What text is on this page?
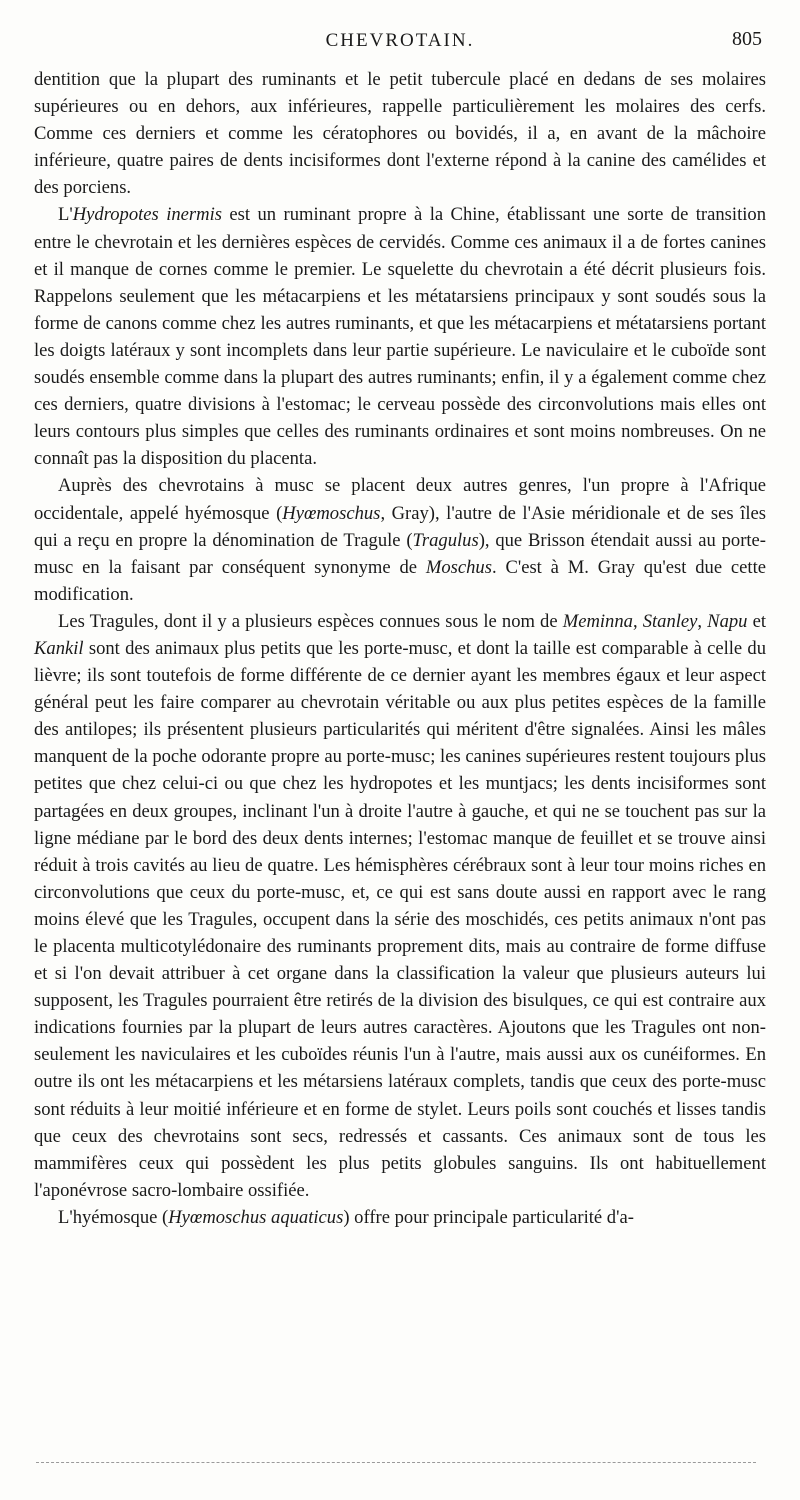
CHEVROTAIN.	805

dentition que la plupart des ruminants et le petit tubercule placé en dedans de ses molaires supérieures ou en dehors, aux inférieures, rappelle particulièrement les molaires des cerfs. Comme ces derniers et comme les cératophores ou bovidés, il a, en avant de la mâchoire inférieure, quatre paires de dents incisiformes dont l'externe répond à la canine des camélides et des porciens.

L'Hydropotes inermis est un ruminant propre à la Chine, établissant une sorte de transition entre le chevrotain et les dernières espèces de cervidés. Comme ces animaux il a de fortes canines et il manque de cornes comme le premier. Le squelette du chevrotain a été décrit plusieurs fois. Rappelons seulement que les métacarpiens et les métatarsiens principaux y sont soudés sous la forme de canons comme chez les autres ruminants, et que les métacarpiens et métatarsiens portant les doigts latéraux y sont incomplets dans leur partie supérieure. Le naviculaire et le cuboïde sont soudés ensemble comme dans la plupart des autres ruminants; enfin, il y a également comme chez ces derniers, quatre divisions à l'estomac; le cerveau possède des circonvolutions mais elles ont leurs contours plus simples que celles des ruminants ordinaires et sont moins nombreuses. On ne connaît pas la disposition du placenta.

Auprès des chevrotains à musc se placent deux autres genres, l'un propre à l'Afrique occidentale, appelé hyémosque (Hyœmoschus, Gray), l'autre de l'Asie méridionale et de ses îles qui a reçu en propre la dénomination de Tragule (Tragulus), que Brisson étendait aussi au porte-musc en la faisant par conséquent synonyme de Moschus. C'est à M. Gray qu'est due cette modification.

Les Tragules, dont il y a plusieurs espèces connues sous le nom de Meminna, Stanley, Napu et Kankil sont des animaux plus petits que les porte-musc, et dont la taille est comparable à celle du lièvre; ils sont toutefois de forme différente de ce dernier ayant les membres égaux et leur aspect général peut les faire comparer au chevrotain véritable ou aux plus petites espèces de la famille des antilopes; ils présentent plusieurs particularités qui méritent d'être signalées. Ainsi les mâles manquent de la poche odorante propre au porte-musc; les canines supérieures restent toujours plus petites que chez celui-ci ou que chez les hydropotes et les muntjacs; les dents incisiformes sont partagées en deux groupes, inclinant l'un à droite l'autre à gauche, et qui ne se touchent pas sur la ligne médiane par le bord des deux dents internes; l'estomac manque de feuillet et se trouve ainsi réduit à trois cavités au lieu de quatre. Les hémisphères cérébraux sont à leur tour moins riches en circonvolutions que ceux du porte-musc, et, ce qui est sans doute aussi en rapport avec le rang moins élevé que les Tragules, occupent dans la série des moschidés, ces petits animaux n'ont pas le placenta multicotylédonaire des ruminants proprement dits, mais au contraire de forme diffuse et si l'on devait attribuer à cet organe dans la classification la valeur que plusieurs auteurs lui supposent, les Tragules pourraient être retirés de la division des bisulques, ce qui est contraire aux indications fournies par la plupart de leurs autres caractères. Ajoutons que les Tragules ont non-seulement les naviculaires et les cuboïdes réunis l'un à l'autre, mais aussi aux os cunéiformes. En outre ils ont les métacarpiens et les métarsiens latéraux complets, tandis que ceux des porte-musc sont réduits à leur moitié inférieure et en forme de stylet. Leurs poils sont couchés et lisses tandis que ceux des chevrotains sont secs, redressés et cassants. Ces animaux sont de tous les mammifères ceux qui possèdent les plus petits globules sanguins. Ils ont habituellement l'aponévrose sacro-lombaire ossifiée.

L'hyémosque (Hyœmoschus aquaticus) offre pour principale particularité d'a-
